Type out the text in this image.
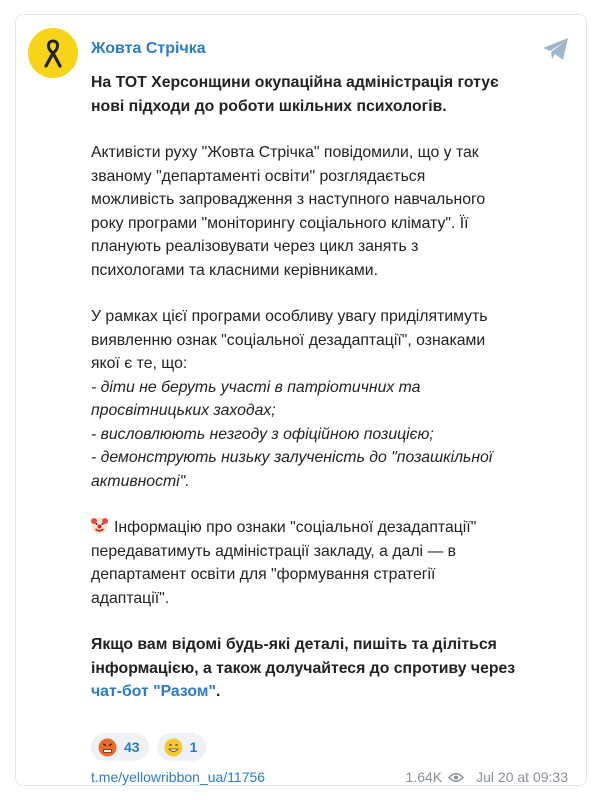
Жовта Стрічка

На ТОТ Херсонщини окупаційна адміністрація готує

нові підходи до роботи шкільних психологів.

Активісти руху "Жовта Стрічка" повідомили, що у так

званому "департаменті освіти" розглядається

можливість запровадження з наступного навчального

року програми "моніторингу соціального клімату". Її

планують реалізовувати через цикл занять з

психологами та класними керівниками.

У рамках цієї програми особливу увагу приділятимуть

виявленню ознак "соціальної дезадаптації", ознаками

якої є те, що:

- діти не беруть участі в патріотичних та

просвітницьких заходах;

- висловлюють незгоду з офіційною позицією;

- демонструють низьку залученість до "позашкільної

активності".

Інформацію про ознаки "соціальної дезадаптації"

передаватимуть адміністрації закладу, а далі — в

департамент освіти для "формування стратегії

адаптації".

Якщо вам відомі будь-які деталі, пишіть та діліться

інформацією, а також долучайтеся до спротиву через

чат-бот "Разом".

43	1
t.me/yellowribbon_ua/11756	1.64K Jul 20 at 09:33
